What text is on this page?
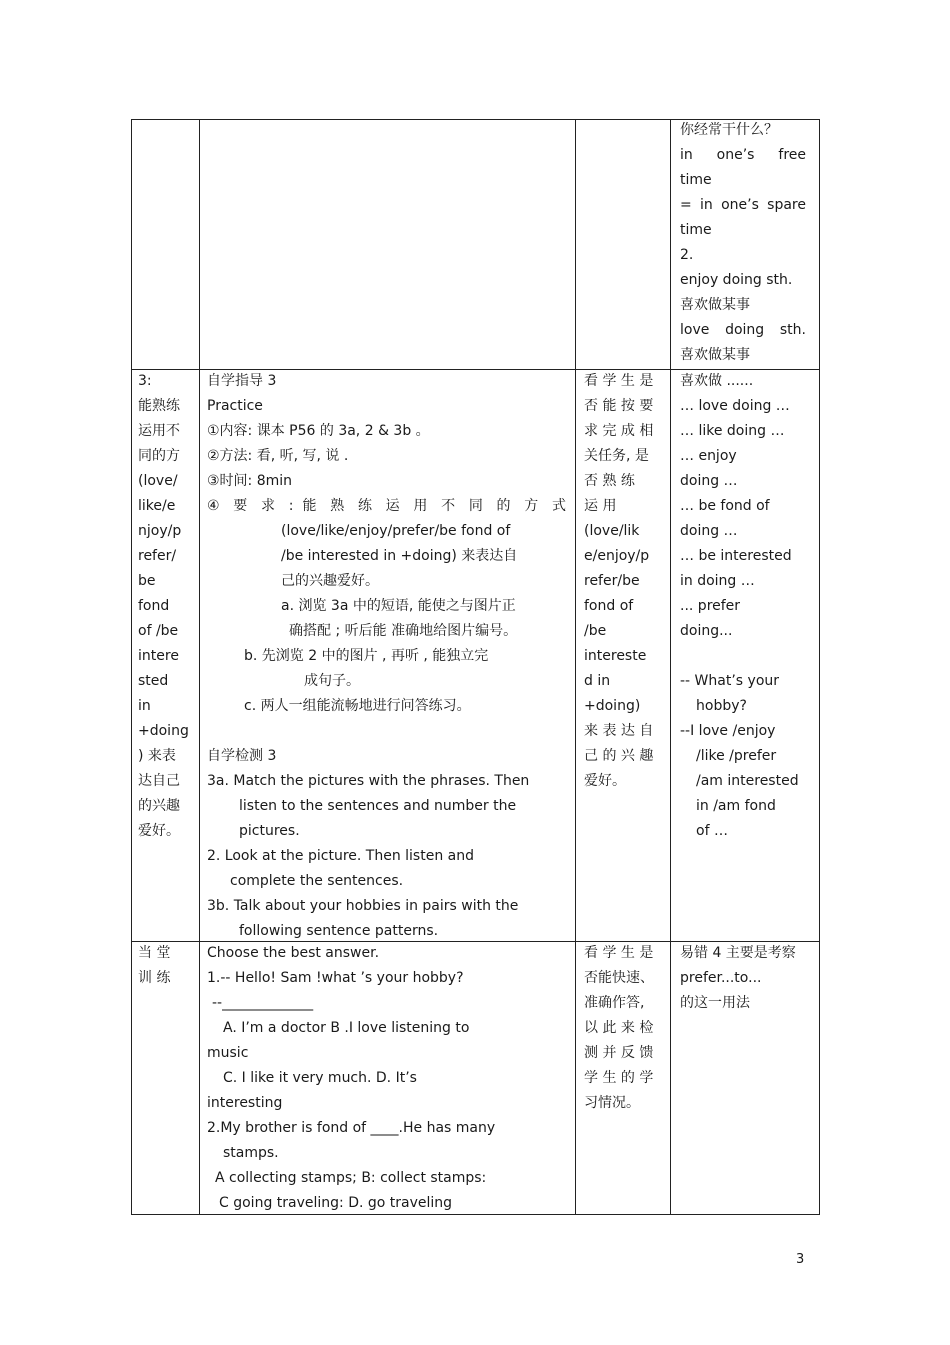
你经常干什么？
in one’s free
time
= in one’s spare
time
2.
enjoy doing sth.
喜欢做某事
love doing sth.
喜欢做某事
3:
能熟练
运用不
同的方
(love/
like/e
njoy/p
refer/
be
fond
of /be
intere
sted
in
+doing
) 来表
达自己
的兴趣
爱好。
自学指导 3
Practice
①内容: 课本 P56 的 3a, 2 & 3b 。
②方法: 看, 听, 写, 说 .
③时间: 8min
④ 要 求 : 能 熟 练 运 用 不 同 的 方 式
(love/like/enjoy/prefer/be fond of
/be interested in +doing) 来表达自
己的兴趣爱好。
a. 浏览 3a 中的短语, 能使之与图片正
确搭配 ; 听后能 准确地给图片编号。
b. 先浏览 2 中的图片 , 再听 , 能独立完
成句子。
c. 两人一组能流畅地进行问答练习。
自学检测 3
3a. Match the pictures with the phrases. Then
listen to the sentences and number the
pictures.
2. Look at the picture. Then listen and
complete the sentences.
3b. Talk about your hobbies in pairs with the
following sentence patterns.
看 学 生 是
否 能 按 要
求 完 成 相
关任务, 是
否 熟 练
运 用
(love/lik
e/enjoy/p
refer/be
fond of
/be
intereste
d in
+doing)
来 表 达 自
己 的 兴 趣
爱好。
喜欢做 ......
… love doing …
… like doing …
… enjoy
doing …
… be fond of
doing …
… be interested
in doing …
... prefer
doing...
-- What’s your
hobby?
--I love /enjoy
/like /prefer
/am interested
in /am fond
of …
当 堂
训 练
Choose the best answer.
1.-- Hello! Sam !what ’s your hobby?
--_____________
A. I’m a doctor B .I love listening to
music
C. I like it very much. D. It’s
interesting
2.My brother is fond of ____.He has many
stamps.
A collecting stamps; B: collect stamps:
C going traveling: D. go traveling
看 学 生 是
否能快速、
准确作答,
以 此 来 检
测 并 反 馈
学 生 的 学
习情况。
易错 4 主要是考察
prefer...to...
的这一用法
3
